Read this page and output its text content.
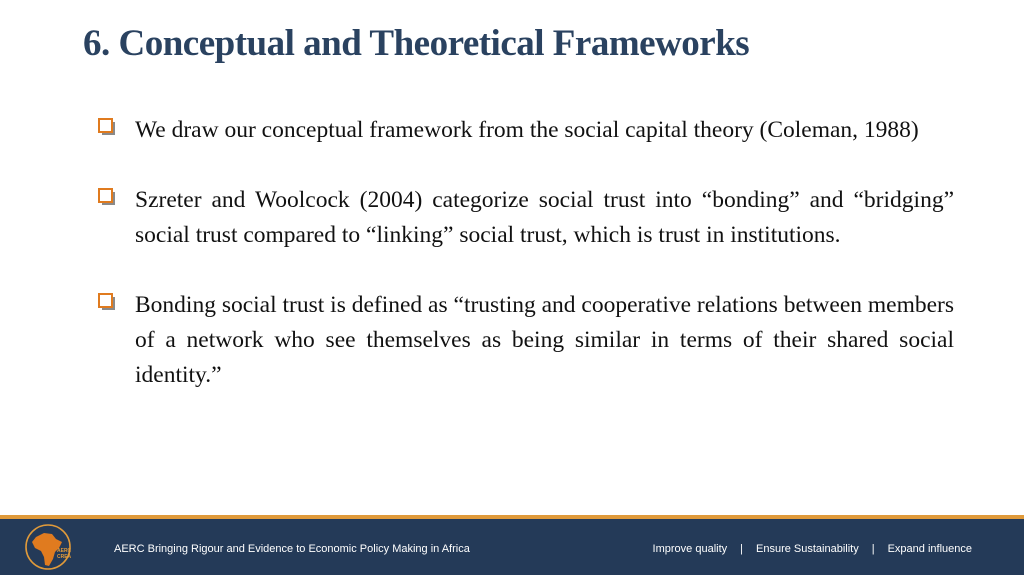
6. Conceptual and Theoretical Frameworks
We draw our conceptual framework from the social capital theory (Coleman, 1988)
Szreter and Woolcock (2004) categorize social trust into “bonding” and “bridging” social trust compared to “linking” social trust, which is trust in institutions.
Bonding social trust is defined as “trusting and cooperative relations between members of a network who see themselves as being similar in terms of their shared social identity.”
AERC
CREA
AERC Bringing Rigour and Evidence to Economic Policy Making in Africa	Improve quality | Ensure Sustainability | Expand influence
